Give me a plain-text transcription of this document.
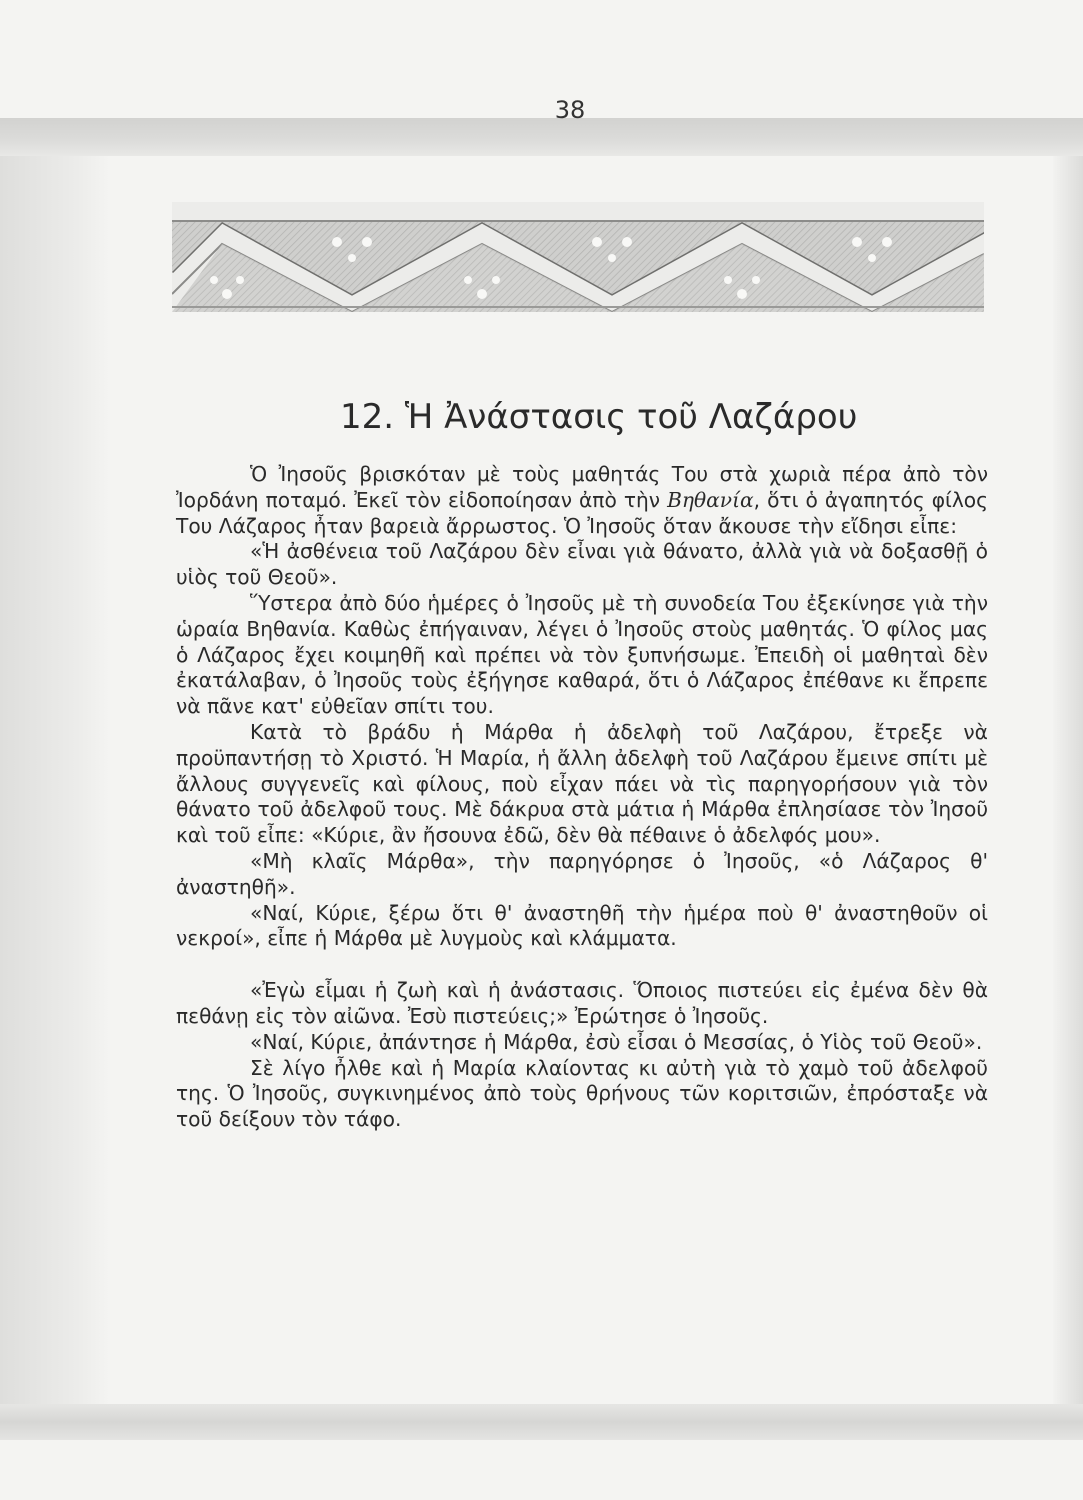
38
12. Ἡ Ἀνάστασις τοῦ Λαζάρου

Ὁ Ἰησοῦς βρισκόταν μὲ τοὺς μαθητάς Του στὰ χωριὰ πέρα ἀπὸ τὸν Ἰορδάνη ποταμό. Ἐκεῖ τὸν εἰδοποίησαν ἀπὸ τὴν Βηθανία, ὅτι ὁ ἀγαπητός φίλος Του Λάζαρος ἦταν βαρειὰ ἄρρωστος. Ὁ Ἰησοῦς ὅταν ἄκουσε τὴν εἴδησι εἶπε:

«Ἡ ἀσθένεια τοῦ Λαζάρου δὲν εἶναι γιὰ θάνατο, ἀλλὰ γιὰ νὰ δοξασθῇ ὁ υἱὸς τοῦ Θεοῦ».

Ὕστερα ἀπὸ δύο ἡμέρες ὁ Ἰησοῦς μὲ τὴ συνοδεία Του ἐξεκίνησε γιὰ τὴν ὡραία Βηθανία. Καθὼς ἐπήγαιναν, λέγει ὁ Ἰησοῦς στοὺς μαθητάς. Ὁ φίλος μας ὁ Λάζαρος ἔχει κοιμηθῆ καὶ πρέπει νὰ τὸν ξυπνήσωμε. Ἐπειδὴ οἱ μαθηταὶ δὲν ἐκατάλαβαν, ὁ Ἰησοῦς τοὺς ἐξήγησε καθαρά, ὅτι ὁ Λάζαρος ἐπέθανε κι ἔπρεπε νὰ πᾶνε κατ' εὐθεῖαν σπίτι του.

Κατὰ τὸ βράδυ ἡ Μάρθα ἡ ἀδελφὴ τοῦ Λαζάρου, ἔτρεξε νὰ προϋπαντήσῃ τὸ Χριστό. Ἡ Μαρία, ἡ ἄλλη ἀδελφὴ τοῦ Λαζάρου ἔμεινε σπίτι μὲ ἄλλους συγγενεῖς καὶ φίλους, ποὺ εἶχαν πάει νὰ τὶς παρηγορήσουν γιὰ τὸν θάνατο τοῦ ἀδελφοῦ τους. Μὲ δάκρυα στὰ μάτια ἡ Μάρθα ἐπλησίασε τὸν Ἰησοῦ καὶ τοῦ εἶπε: «Κύριε, ἂν ἤσουνα ἐδῶ, δὲν θὰ πέθαινε ὁ ἀδελφός μου».

«Μὴ κλαῖς Μάρθα», τὴν παρηγόρησε ὁ Ἰησοῦς, «ὁ Λάζαρος θ' ἀναστηθῆ».

«Ναί, Κύριε, ξέρω ὅτι θ' ἀναστηθῆ τὴν ἡμέρα ποὺ θ' ἀναστηθοῦν οἱ νεκροί», εἶπε ἡ Μάρθα μὲ λυγμοὺς καὶ κλάμματα.

«Ἐγὼ εἶμαι ἡ ζωὴ καὶ ἡ ἀνάστασις. Ὅποιος πιστεύει εἰς ἐμένα δὲν θὰ πεθάνῃ εἰς τὸν αἰῶνα. Ἐσὺ πιστεύεις;» Ἐρώτησε ὁ Ἰησοῦς.

«Ναί, Κύριε, ἀπάντησε ἡ Μάρθα, ἐσὺ εἶσαι ὁ Μεσσίας, ὁ Υἱὸς τοῦ Θεοῦ».

Σὲ λίγο ἦλθε καὶ ἡ Μαρία κλαίοντας κι αὐτὴ γιὰ τὸ χαμὸ τοῦ ἀδελφοῦ της. Ὁ Ἰησοῦς, συγκινημένος ἀπὸ τοὺς θρήνους τῶν κοριτσιῶν, ἐπρόσταξε νὰ τοῦ δείξουν τὸν τάφο.
